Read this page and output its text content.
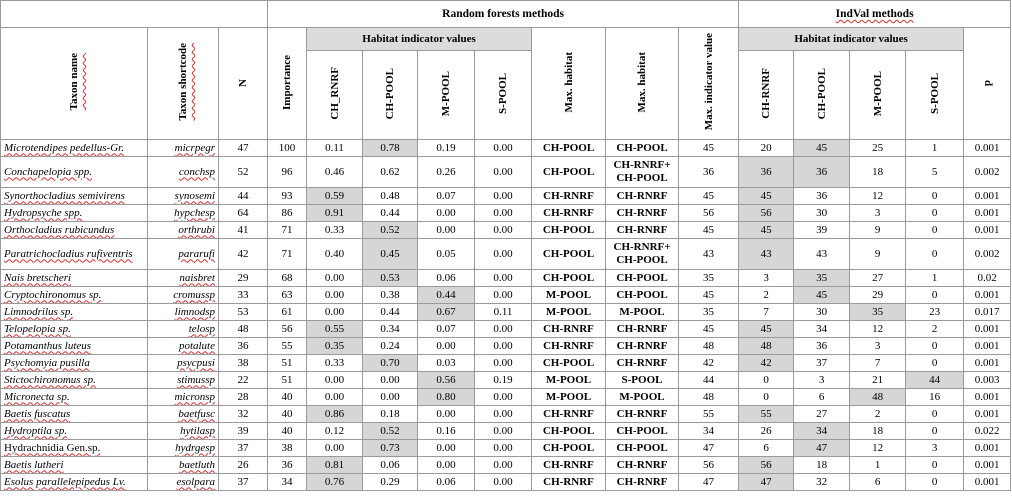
			Random forests methods								IndVal methods				
Taxon name	Taxon shortcode	N	Importance	Habitat indicator values				Max. habitat	Max. habitat	Max. indicator value	Habitat indicator values				p
				CH_RNRF	CH-POOL	M-POOL	S-POOL				CH-RNRF	CH-POOL	M-POOL	S-POOL	
Microtendipes pedellus-Gr.	micrpegr	47	100	0.11	0.78	0.19	0.00	CH-POOL	CH-POOL	45	20	45	25	1	0.001
Conchapelopia spp.	conchsp	52	96	0.46	0.62	0.26	0.00	CH-POOL	CH-RNRF+ CH-POOL	36	36	36	18	5	0.002
Synorthocladius semivirens	synosemi	44	93	0.59	0.48	0.07	0.00	CH-RNRF	CH-RNRF	45	45	36	12	0	0.001
Hydropsyche spp.	hypchesp	64	86	0.91	0.44	0.00	0.00	CH-RNRF	CH-RNRF	56	56	30	3	0	0.001
Orthocladius rubicundus	orthrubi	41	71	0.33	0.52	0.00	0.00	CH-POOL	CH-RNRF	45	45	39	9	0	0.001
Paratrichocladius rufiventris	pararufi	42	71	0.40	0.45	0.05	0.00	CH-POOL	CH-RNRF+ CH-POOL	43	43	43	9	0	0.002
Nais bretscheri	naisbret	29	68	0.00	0.53	0.06	0.00	CH-POOL	CH-POOL	35	3	35	27	1	0.02
Cryptochironomus sp.	cromussp	33	63	0.00	0.38	0.44	0.00	M-POOL	CH-POOL	45	2	45	29	0	0.001
Limnodrilus sp.	limnodsp	53	61	0.00	0.44	0.67	0.11	M-POOL	M-POOL	35	7	30	35	23	0.017
Telopelopia sp.	telosp	48	56	0.55	0.34	0.07	0.00	CH-RNRF	CH-RNRF	45	45	34	12	2	0.001
Potamanthus luteus	potalute	36	55	0.35	0.24	0.00	0.00	CH-RNRF	CH-RNRF	48	48	36	3	0	0.001
Psychomyia pusilla	psycpusi	38	51	0.33	0.70	0.03	0.00	CH-POOL	CH-RNRF	42	42	37	7	0	0.001
Stictochironomus sp.	stimussp	22	51	0.00	0.00	0.56	0.19	M-POOL	S-POOL	44	0	3	21	44	0.003
Micronecta sp.	micronsp	28	40	0.00	0.00	0.80	0.00	M-POOL	M-POOL	48	0	6	48	16	0.001
Baetis fuscatus	baetfusc	32	40	0.86	0.18	0.00	0.00	CH-RNRF	CH-RNRF	55	55	27	2	0	0.001
Hydroptila sp.	hytilasp	39	40	0.12	0.52	0.16	0.00	CH-POOL	CH-POOL	34	26	34	18	0	0.022
Hydrachnidia Gen.sp.	hydrgesp	37	38	0.00	0.73	0.00	0.00	CH-POOL	CH-POOL	47	6	47	12	3	0.001
Baetis lutheri	baetluth	26	36	0.81	0.06	0.00	0.00	CH-RNRF	CH-RNRF	56	56	18	1	0	0.001
Esolus parallelepipedus Lv.	esolpara	37	34	0.76	0.29	0.06	0.00	CH-RNRF	CH-RNRF	47	47	32	6	0	0.001
